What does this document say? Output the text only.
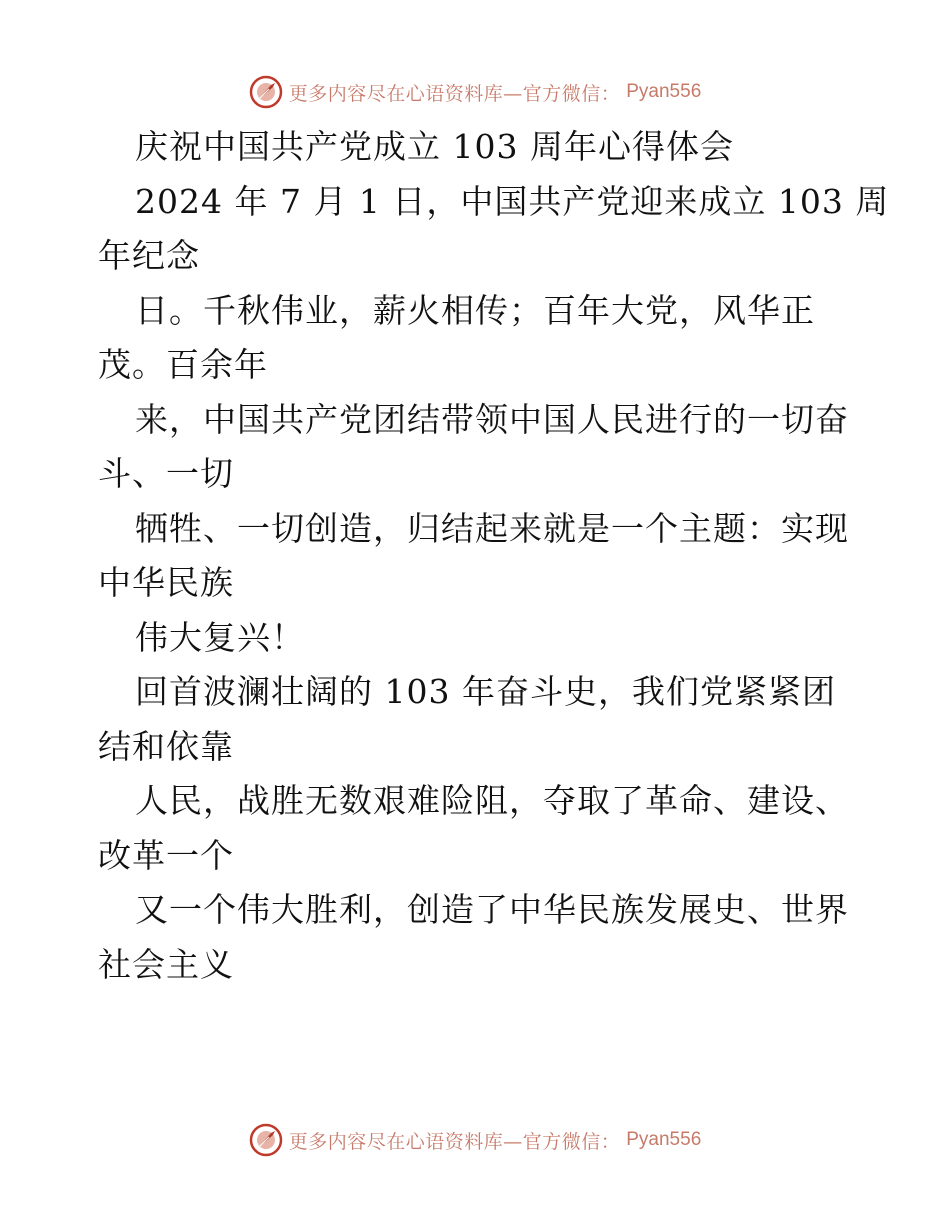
更多内容尽在心语资料库—官方微信： Pyan556
庆祝中国共产党成立 103 周年心得体会
2024 年 7 月 1 日，中国共产党迎来成立 103 周
年纪念
日。千秋伟业，薪火相传；百年大党，风华正
茂。百余年
来，中国共产党团结带领中国人民进行的一切奋
斗、一切
牺牲、一切创造，归结起来就是一个主题：实现
中华民族
伟大复兴！
回首波澜壮阔的 103 年奋斗史，我们党紧紧团
结和依靠
人民，战胜无数艰难险阻，夺取了革命、建设、
改革一个
又一个伟大胜利，创造了中华民族发展史、世界
社会主义
更多内容尽在心语资料库—官方微信： Pyan556
